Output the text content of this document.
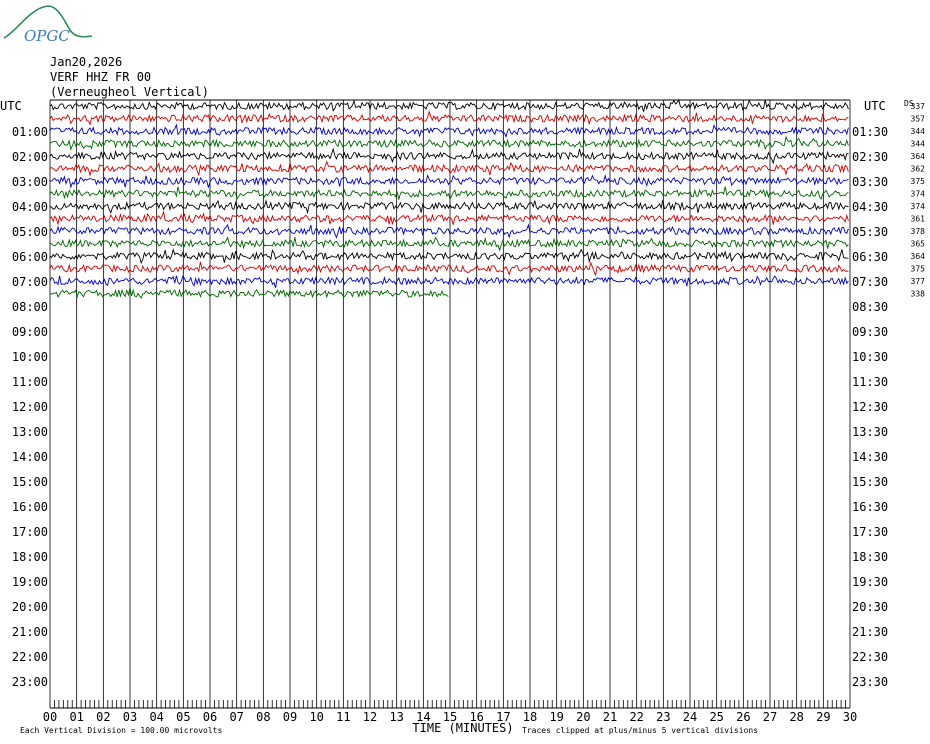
OPGC
Jan20,2026
VERF HHZ FR 00
(Verneugheol Vertical)
337
357
344
344
364
362
375
374
374
361
378
365
364
375
377
338
UTC	UTC DS
01:00
02:00
03:00
04:00
05:00
06:00
07:00
08:00
09:00
10:00
11:00
12:00
13:00
14:00
15:00
16:00
17:00
18:00
19:00
20:00
21:00
22:00
23:00
01:30
02:30
03:30
04:30
05:30
06:30
07:30
08:30
09:30
10:30
11:30
12:30
13:30
14:30
15:30
16:30
17:30
18:30
19:30
20:30
21:30
22:30
23:30
00 01 02 03 04 05 06 07 08 09 10 11 12 13 14 15 16 17 18 19 20 21 22 23 24 25 26 27 28 29 30
Each Vertical Division = 100.00 microvolts	TIME (MINUTES) Traces clipped at plus/minus 5 vertical divisions
